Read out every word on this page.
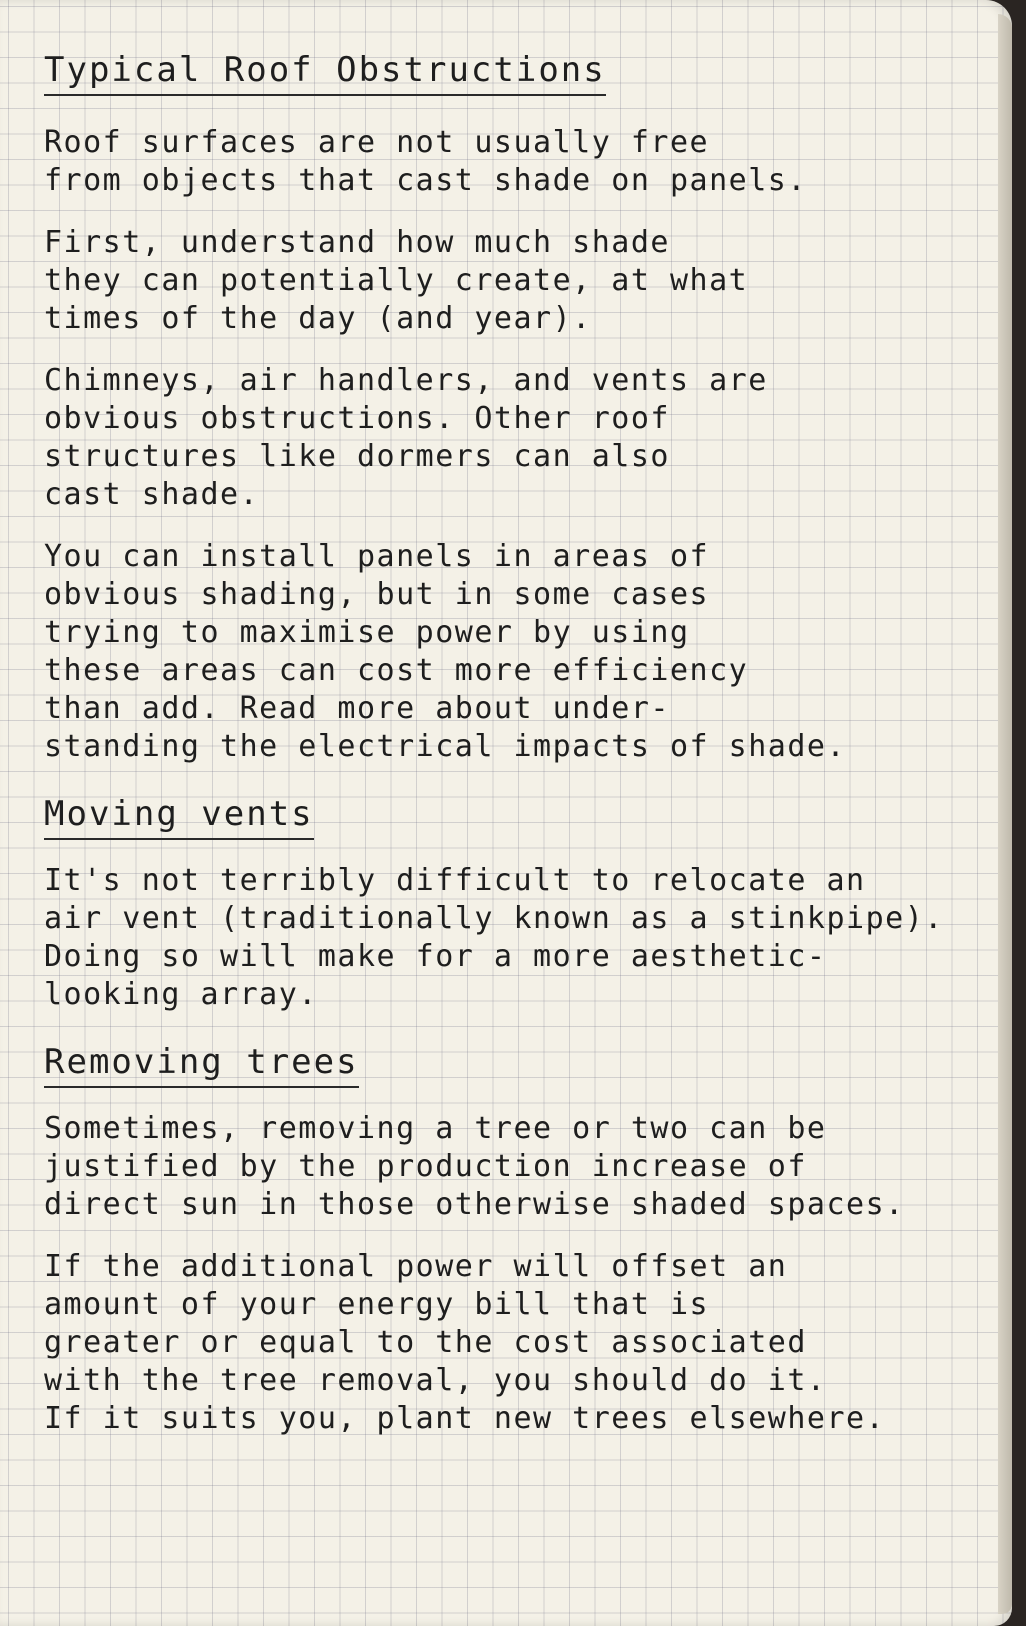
Typical Roof Obstructions
Roof surfaces are not usually free
from objects that cast shade on panels.
First, understand how much shade
they can potentially create, at what
times of the day (and year).
Chimneys, air handlers, and vents are
obvious obstructions. Other roof
structures like dormers can also
cast shade.
You can install panels in areas of
obvious shading, but in some cases
trying to maximise power by using
these areas can cost more efficiency
than add. Read more about under-
standing the electrical impacts of shade.
Moving vents
It's not terribly difficult to relocate an
air vent (traditionally known as a stinkpipe).
Doing so will make for a more aesthetic-
looking array.
Removing trees
Sometimes, removing a tree or two can be
justified by the production increase of
direct sun in those otherwise shaded spaces.
If the additional power will offset an
amount of your energy bill that is
greater or equal to the cost associated
with the tree removal, you should do it.
If it suits you, plant new trees elsewhere.
